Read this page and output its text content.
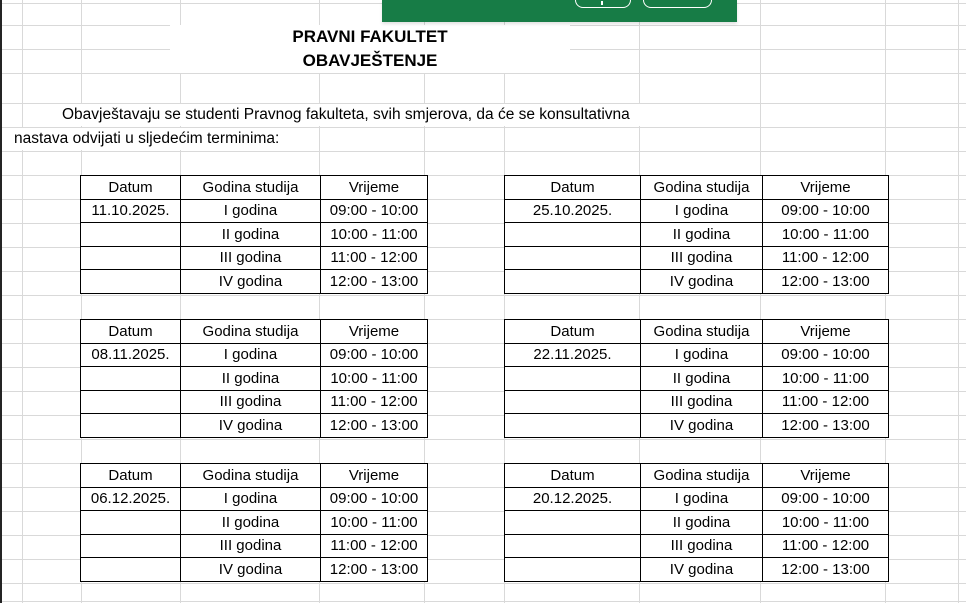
PRAVNI FAKULTET
OBAVJEŠTENJE
Obavještavaju se studenti Pravnog fakulteta, svih smjerova, da će se konsultativna
nastava odvijati u sljedećim terminima:
Datum	Godina studija	Vrijeme
11.10.2025.	I godina	09:00 - 10:00
	II godina	10:00 - 11:00
	III godina	11:00 - 12:00
	IV godina	12:00 - 13:00
Datum	Godina studija	Vrijeme
25.10.2025.	I godina	09:00 - 10:00
	II godina	10:00 - 11:00
	III godina	11:00 - 12:00
	IV godina	12:00 - 13:00
Datum	Godina studija	Vrijeme
08.11.2025.	I godina	09:00 - 10:00
	II godina	10:00 - 11:00
	III godina	11:00 - 12:00
	IV godina	12:00 - 13:00
Datum	Godina studija	Vrijeme
22.11.2025.	I godina	09:00 - 10:00
	II godina	10:00 - 11:00
	III godina	11:00 - 12:00
	IV godina	12:00 - 13:00
Datum	Godina studija	Vrijeme
06.12.2025.	I godina	09:00 - 10:00
	II godina	10:00 - 11:00
	III godina	11:00 - 12:00
	IV godina	12:00 - 13:00
Datum	Godina studija	Vrijeme
20.12.2025.	I godina	09:00 - 10:00
	II godina	10:00 - 11:00
	III godina	11:00 - 12:00
	IV godina	12:00 - 13:00
